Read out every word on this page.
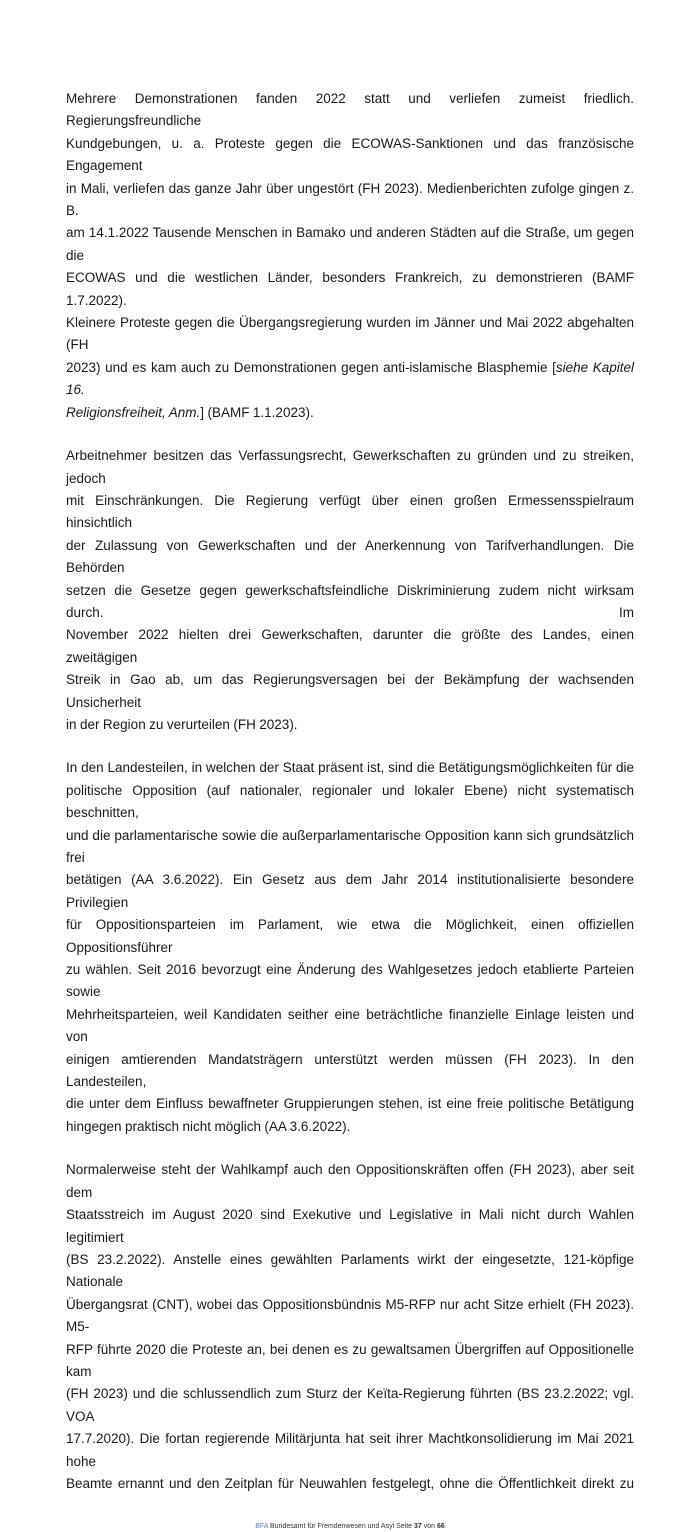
Mehrere Demonstrationen fanden 2022 statt und verliefen zumeist friedlich. Regierungsfreundliche
Kundgebungen, u. a. Proteste gegen die ECOWAS-Sanktionen und das französische Engagement
in Mali, verliefen das ganze Jahr über ungestört (FH 2023). Medienberichten zufolge gingen z. B.
am 14.1.2022 Tausende Menschen in Bamako und anderen Städten auf die Straße, um gegen die
ECOWAS und die westlichen Länder, besonders Frankreich, zu demonstrieren (BAMF 1.7.2022).
Kleinere Proteste gegen die Übergangsregierung wurden im Jänner und Mai 2022 abgehalten (FH
2023) und es kam auch zu Demonstrationen gegen anti-islamische Blasphemie [siehe Kapitel 16.
Religionsfreiheit, Anm.] (BAMF 1.1.2023).
Arbeitnehmer besitzen das Verfassungsrecht, Gewerkschaften zu gründen und zu streiken, jedoch
mit Einschränkungen. Die Regierung verfügt über einen großen Ermessensspielraum hinsichtlich
der Zulassung von Gewerkschaften und der Anerkennung von Tarifverhandlungen. Die Behörden
setzen die Gesetze gegen gewerkschaftsfeindliche Diskriminierung zudem nicht wirksam durch. Im
November 2022 hielten drei Gewerkschaften, darunter die größte des Landes, einen zweitägigen
Streik in Gao ab, um das Regierungsversagen bei der Bekämpfung der wachsenden Unsicherheit
in der Region zu verurteilen (FH 2023).
In den Landesteilen, in welchen der Staat präsent ist, sind die Betätigungsmöglichkeiten für die
politische Opposition (auf nationaler, regionaler und lokaler Ebene) nicht systematisch beschnitten,
und die parlamentarische sowie die außerparlamentarische Opposition kann sich grundsätzlich frei
betätigen (AA 3.6.2022). Ein Gesetz aus dem Jahr 2014 institutionalisierte besondere Privilegien
für Oppositionsparteien im Parlament, wie etwa die Möglichkeit, einen offiziellen Oppositionsführer
zu wählen. Seit 2016 bevorzugt eine Änderung des Wahlgesetzes jedoch etablierte Parteien sowie
Mehrheitsparteien, weil Kandidaten seither eine beträchtliche finanzielle Einlage leisten und von
einigen amtierenden Mandatsträgern unterstützt werden müssen (FH 2023). In den Landesteilen,
die unter dem Einfluss bewaffneter Gruppierungen stehen, ist eine freie politische Betätigung
hingegen praktisch nicht möglich (AA 3.6.2022).
Normalerweise steht der Wahlkampf auch den Oppositionskräften offen (FH 2023), aber seit dem
Staatsstreich im August 2020 sind Exekutive und Legislative in Mali nicht durch Wahlen legitimiert
(BS 23.2.2022). Anstelle eines gewählten Parlaments wirkt der eingesetzte, 121-köpfige Nationale
Übergangsrat (CNT), wobei das Oppositionsbündnis M5-RFP nur acht Sitze erhielt (FH 2023). M5-
RFP führte 2020 die Proteste an, bei denen es zu gewaltsamen Übergriffen auf Oppositionelle kam
(FH 2023) und die schlussendlich zum Sturz der Keïta-Regierung führten (BS 23.2.2022; vgl. VOA
17.7.2020). Die fortan regierende Militärjunta hat seit ihrer Machtkonsolidierung im Mai 2021 hohe
Beamte ernannt und den Zeitplan für Neuwahlen festgelegt, ohne die Öffentlichkeit direkt zu
BFA Bundesamt für Fremdenwesen und Asyl Seite 37 von 66
